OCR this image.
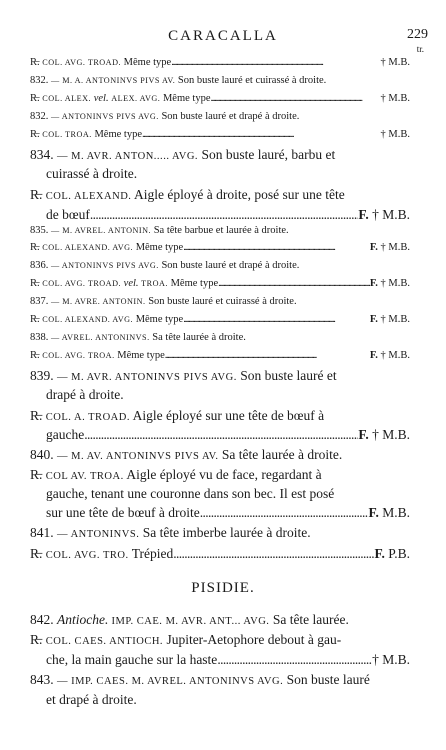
CARACALLA	229
tr.
R̶. COL. AVG. TROAD. Même type . . .	† M.B.
832. — M. A. ANTONINVS PIVS AV. Son buste lauré et cuirassé à droite.
R̶. COL. ALEX. vel. ALEX. AVG. Même type . . .	† M.B.
832. — ANTONINVS PIVS AVG. Son buste lauré et drapé à droite.
R̶. COL. TROA. Même type . . .	† M.B.
834. — M. AVR. ANTON..... AVG. Son buste lauré, barbu et
cuirassé à droite.
R̶. COL. ALEXAND. Aigle éployé à droite, posé sur une tête
de bœuf . . .	F. † M.B.
835. — M. AVREL. ANTONIN. Sa tête barbue et laurée à droite.
R̶. COL. ALEXAND. AVG. Même type . . .	F. † M.B.
836. — ANTONINVS PIVS AVG. Son buste lauré et drapé à droite.
R̶. COL. AVG. TROAD. vel. TROA. Même type . . .	F. † M.B.
837. — M. AVRE. ANTONIN. Son buste lauré et cuirassé à droite.
R̶. COL. ALEXAND. AVG. Même type . . .	F. † M.B.
838. — AVREL. ANTONINVS. Sa tête laurée à droite.
R̶. COL. AVG. TROA. Même type . . .	F. † M.B.
839. — M. AVR. ANTONINVS PIVS AVG. Son buste lauré et
drapé à droite.
R̶. COL. A. TROAD. Aigle éployé sur une tête de bœuf à
gauche . . .	F. † M.B.
840. — M. AV. ANTONINVS PIVS AV. Sa tête laurée à droite.
R̶. COL AV. TROA. Aigle éployé vu de face, regardant à
gauche, tenant une couronne dans son bec. Il est posé
sur une tête de bœuf à droite . . .	F. M.B.
841. — ANTONINVS. Sa tête imberbe laurée à droite.
R̶. COL. AVG. TRO. Trépied . . .	F. P.B.
PISIDIE.
842. Antioche. IMP. CAE. M. AVR. ANT... AVG. Sa tête laurée.
R̶. COL. CAES. ANTIOCH. Jupiter-Aetophore debout à gau-
che, la main gauche sur la haste . . .	† M.B.
843. — IMP. CAES. M. AVREL. ANTONINVS AVG. Son buste lauré
et drapé à droite.
